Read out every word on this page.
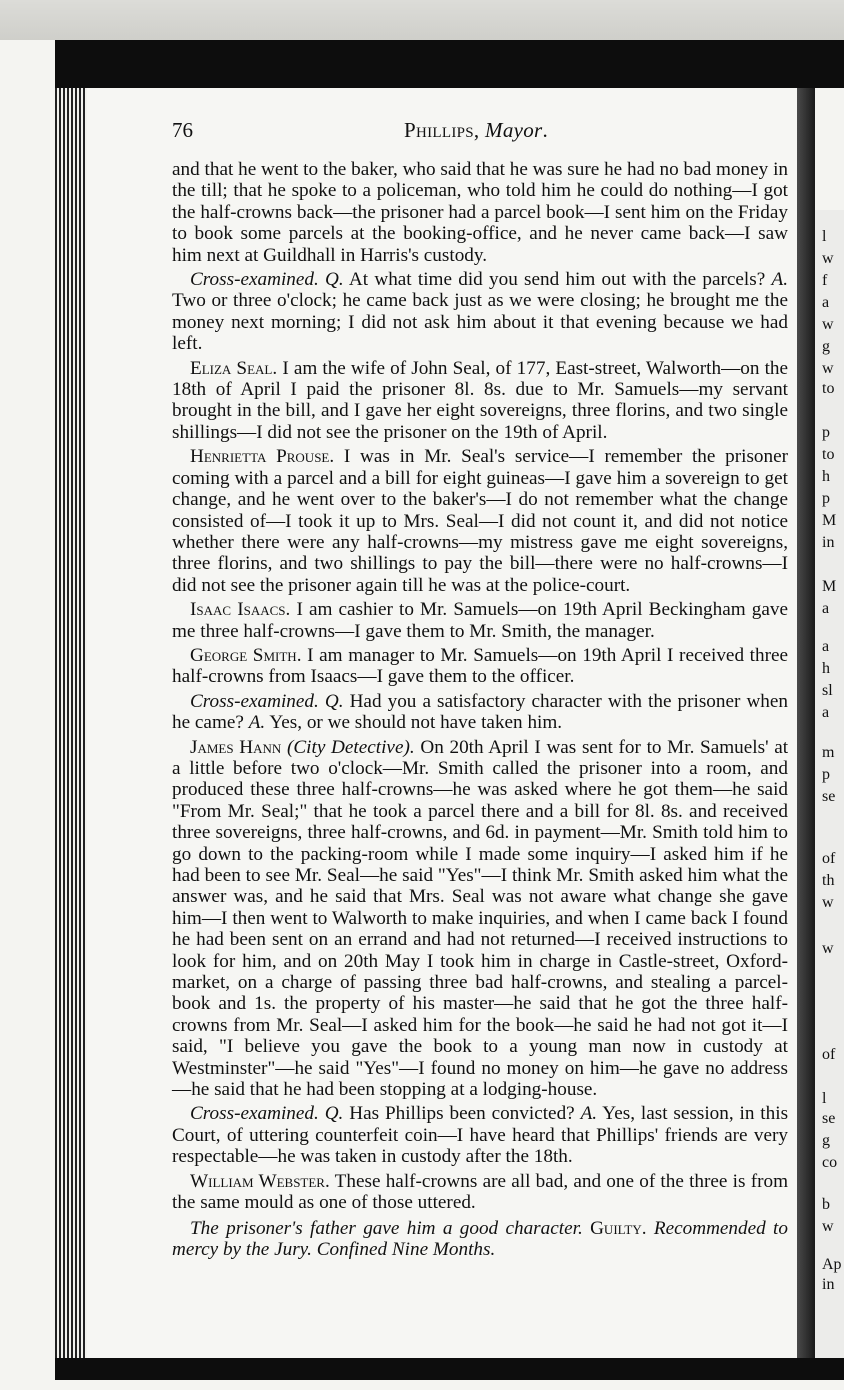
76	Phillips, Mayor.

and that he went to the baker, who said that he was sure he had no bad money in the till; that he spoke to a policeman, who told him he could do nothing—I got the half-crowns back—the prisoner had a parcel book—I sent him on the Friday to book some parcels at the booking-office, and he never came back—I saw him next at Guildhall in Harris's custody.

Cross-examined. Q. At what time did you send him out with the parcels? A. Two or three o'clock; he came back just as we were closing; he brought me the money next morning; I did not ask him about it that evening because we had left.

Eliza Seal. I am the wife of John Seal, of 177, East-street, Walworth—on the 18th of April I paid the prisoner 8l. 8s. due to Mr. Samuels—my servant brought in the bill, and I gave her eight sovereigns, three florins, and two single shillings—I did not see the prisoner on the 19th of April.

Henrietta Prouse. I was in Mr. Seal's service—I remember the prisoner coming with a parcel and a bill for eight guineas—I gave him a sovereign to get change, and he went over to the baker's—I do not remember what the change consisted of—I took it up to Mrs. Seal—I did not count it, and did not notice whether there were any half-crowns—my mistress gave me eight sovereigns, three florins, and two shillings to pay the bill—there were no half-crowns—I did not see the prisoner again till he was at the police-court.

Isaac Isaacs. I am cashier to Mr. Samuels—on 19th April Beckingham gave me three half-crowns—I gave them to Mr. Smith, the manager.

George Smith. I am manager to Mr. Samuels—on 19th April I received three half-crowns from Isaacs—I gave them to the officer.

Cross-examined. Q. Had you a satisfactory character with the prisoner when he came? A. Yes, or we should not have taken him.

James Hann (City Detective). On 20th April I was sent for to Mr. Samuels' at a little before two o'clock—Mr. Smith called the prisoner into a room, and produced these three half-crowns—he was asked where he got them—he said "From Mr. Seal;" that he took a parcel there and a bill for 8l. 8s. and received three sovereigns, three half-crowns, and 6d. in payment—Mr. Smith told him to go down to the packing-room while I made some inquiry—I asked him if he had been to see Mr. Seal—he said "Yes"—I think Mr. Smith asked him what the answer was, and he said that Mrs. Seal was not aware what change she gave him—I then went to Walworth to make inquiries, and when I came back I found he had been sent on an errand and had not returned—I received instructions to look for him, and on 20th May I took him in charge in Castle-street, Oxford-market, on a charge of passing three bad half-crowns, and stealing a parcel-book and 1s. the property of his master—he said that he got the three half-crowns from Mr. Seal—I asked him for the book—he said he had not got it—I said, "I believe you gave the book to a young man now in custody at Westminster"—he said "Yes"—I found no money on him—he gave no address—he said that he had been stopping at a lodging-house.

Cross-examined. Q. Has Phillips been convicted? A. Yes, last session, in this Court, of uttering counterfeit coin—I have heard that Phillips' friends are very respectable—he was taken in custody after the 18th.

William Webster. These half-crowns are all bad, and one of the three is from the same mould as one of those uttered.

The prisoner's father gave him a good character. Guilty. Recommended to mercy by the Jury. Confined Nine Months.

l
w
f
a
w
g
w
to
p
to
h
p
M
in
M
a
a
h
sl
a
m
p
se
of
th
w
w
of
l
se
g
co
b
w
Ap
in
